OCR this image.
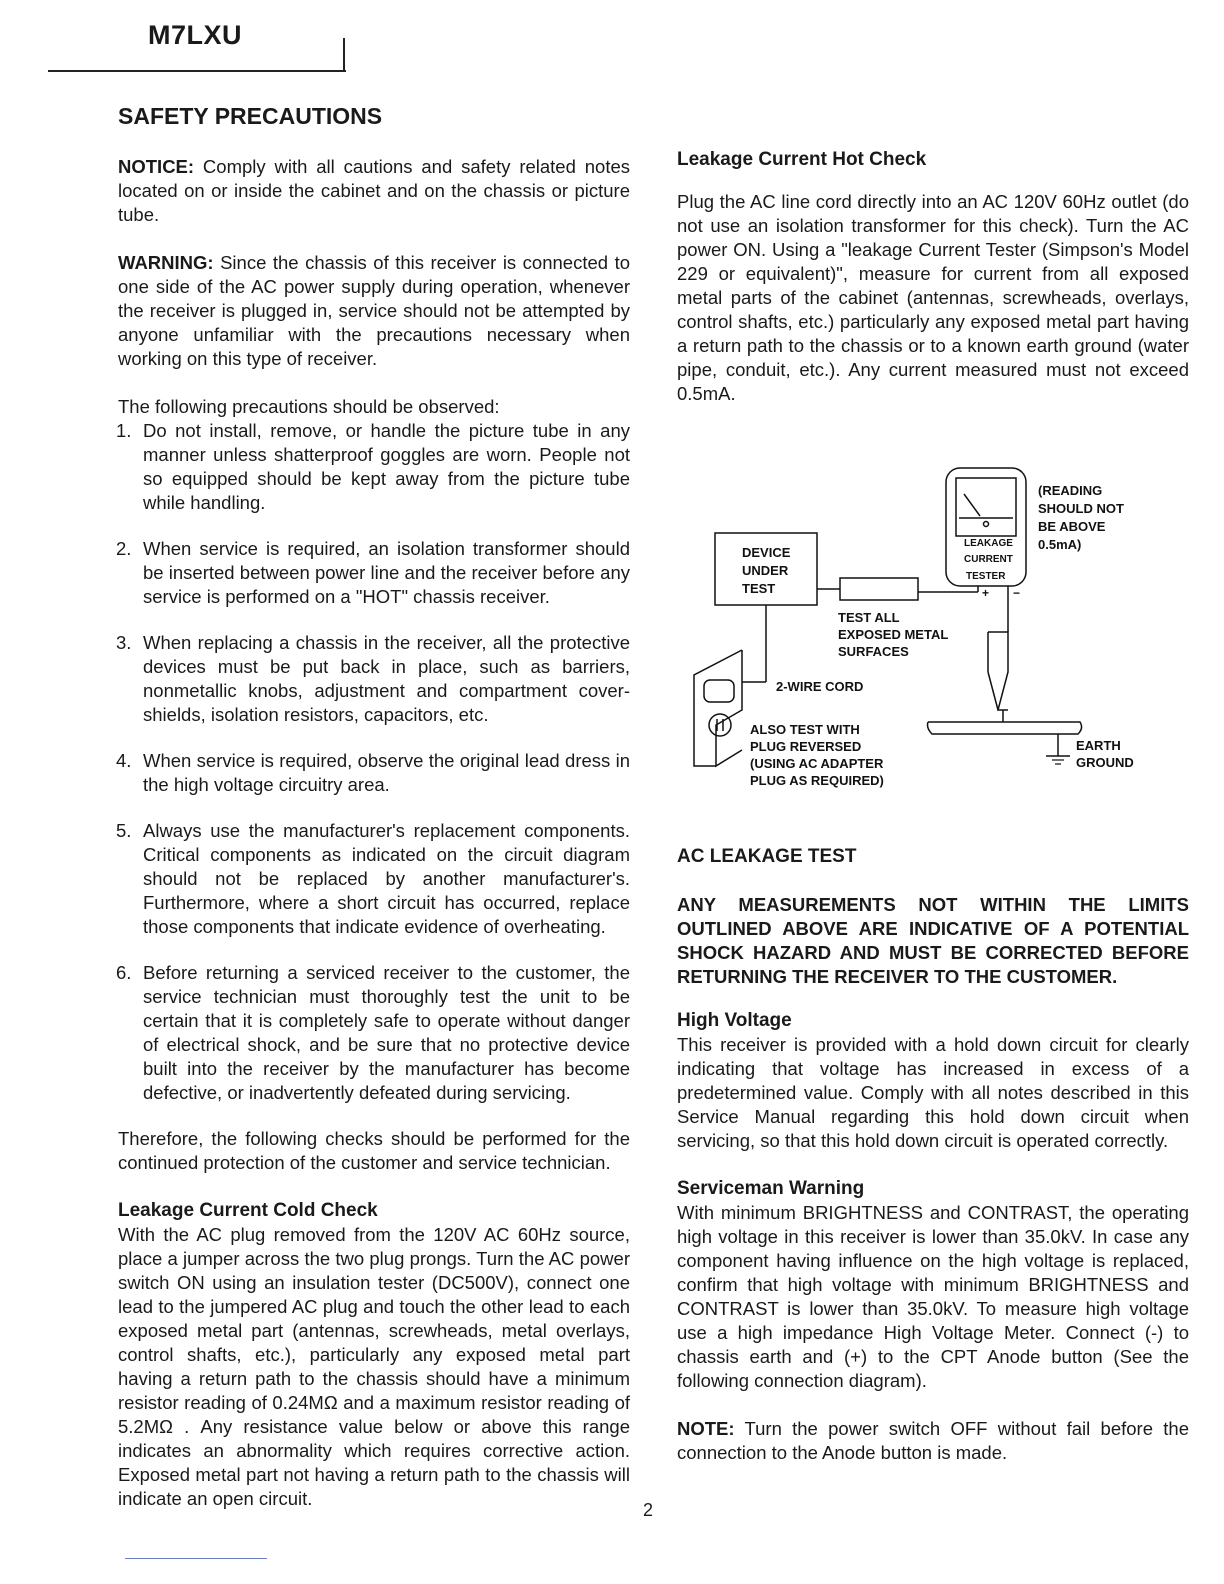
M7LXU
SAFETY PRECAUTIONS

NOTICE: Comply with all cautions and safety related notes located on or inside the cabinet and on the chassis or picture tube.

WARNING: Since the chassis of this receiver is connected to one side of the AC power supply during operation, whenever the receiver is plugged in, service should not be attempted by anyone unfamiliar with the precautions necessary when working on this type of receiver.

The following precautions should be observed:

1. Do not install, remove, or handle the picture tube in any manner unless shatterproof goggles are worn. People not so equipped should be kept away from the picture tube while handling.
2. When service is required, an isolation transformer should be inserted between power line and the receiver before any service is performed on a "HOT" chassis receiver.
3. When replacing a chassis in the receiver, all the protective devices must be put back in place, such as barriers, nonmetallic knobs, adjustment and compartment cover-shields, isolation resistors, capacitors, etc.
4. When service is required, observe the original lead dress in the high voltage circuitry area.
5. Always use the manufacturer's replacement components. Critical components as indicated on the circuit diagram should not be replaced by another manufacturer's. Furthermore, where a short circuit has occurred, replace those components that indicate evidence of overheating.
6. Before returning a serviced receiver to the customer, the service technician must thoroughly test the unit to be certain that it is completely safe to operate without danger of electrical shock, and be sure that no protective device built into the receiver by the manufacturer has become defective, or inadvertently defeated during servicing.

Therefore, the following checks should be performed for the continued protection of the customer and service technician.

Leakage Current Cold Check

With the AC plug removed from the 120V AC 60Hz source, place a jumper across the two plug prongs. Turn the AC power switch ON using an insulation tester (DC500V), connect one lead to the jumpered AC plug and touch the other lead to each exposed metal part (antennas, screwheads, metal overlays, control shafts, etc.), particularly any exposed metal part having a return path to the chassis should have a minimum resistor reading of 0.24MΩ and a maximum resistor reading of 5.2MΩ . Any resistance value below or above this range indicates an abnormality which requires corrective action. Exposed metal part not having a return path to the chassis will indicate an open circuit.

Leakage Current Hot Check

Plug the AC line cord directly into an AC 120V 60Hz outlet (do not use an isolation transformer for this check). Turn the AC power ON. Using a "leakage Current Tester (Simpson's Model 229 or equivalent)", measure for current from all exposed metal parts of the cabinet (antennas, screwheads, overlays, control shafts, etc.) particularly any exposed metal part having a return path to the chassis or to a known earth ground (water pipe, conduit, etc.). Any current measured must not exceed 0.5mA.

DEVICE
UNDER
TEST
LEAKAGE
CURRENT
TESTER
+ −
(READING
SHOULD NOT
BE ABOVE
0.5mA)
TEST ALL
EXPOSED METAL
SURFACES
2-WIRE CORD
ALSO TEST WITH
PLUG REVERSED
(USING AC ADAPTER
PLUG AS REQUIRED)
EARTH
GROUND
AC LEAKAGE TEST

ANY MEASUREMENTS NOT WITHIN THE LIMITS OUTLINED ABOVE ARE INDICATIVE OF A POTENTIAL SHOCK HAZARD AND MUST BE CORRECTED BEFORE RETURNING THE RECEIVER TO THE CUSTOMER.

High Voltage

This receiver is provided with a hold down circuit for clearly indicating that voltage has increased in excess of a predetermined value. Comply with all notes described in this Service Manual regarding this hold down circuit when servicing, so that this hold down circuit is operated correctly.

Serviceman Warning

With minimum BRIGHTNESS and CONTRAST, the operating high voltage in this receiver is lower than 35.0kV. In case any component having influence on the high voltage is replaced, confirm that high voltage with minimum BRIGHTNESS and CONTRAST is lower than 35.0kV. To measure high voltage use a high impedance High Voltage Meter. Connect (-) to chassis earth and (+) to the CPT Anode button (See the following connection diagram).

NOTE: Turn the power switch OFF without fail before the connection to the Anode button is made.

2
